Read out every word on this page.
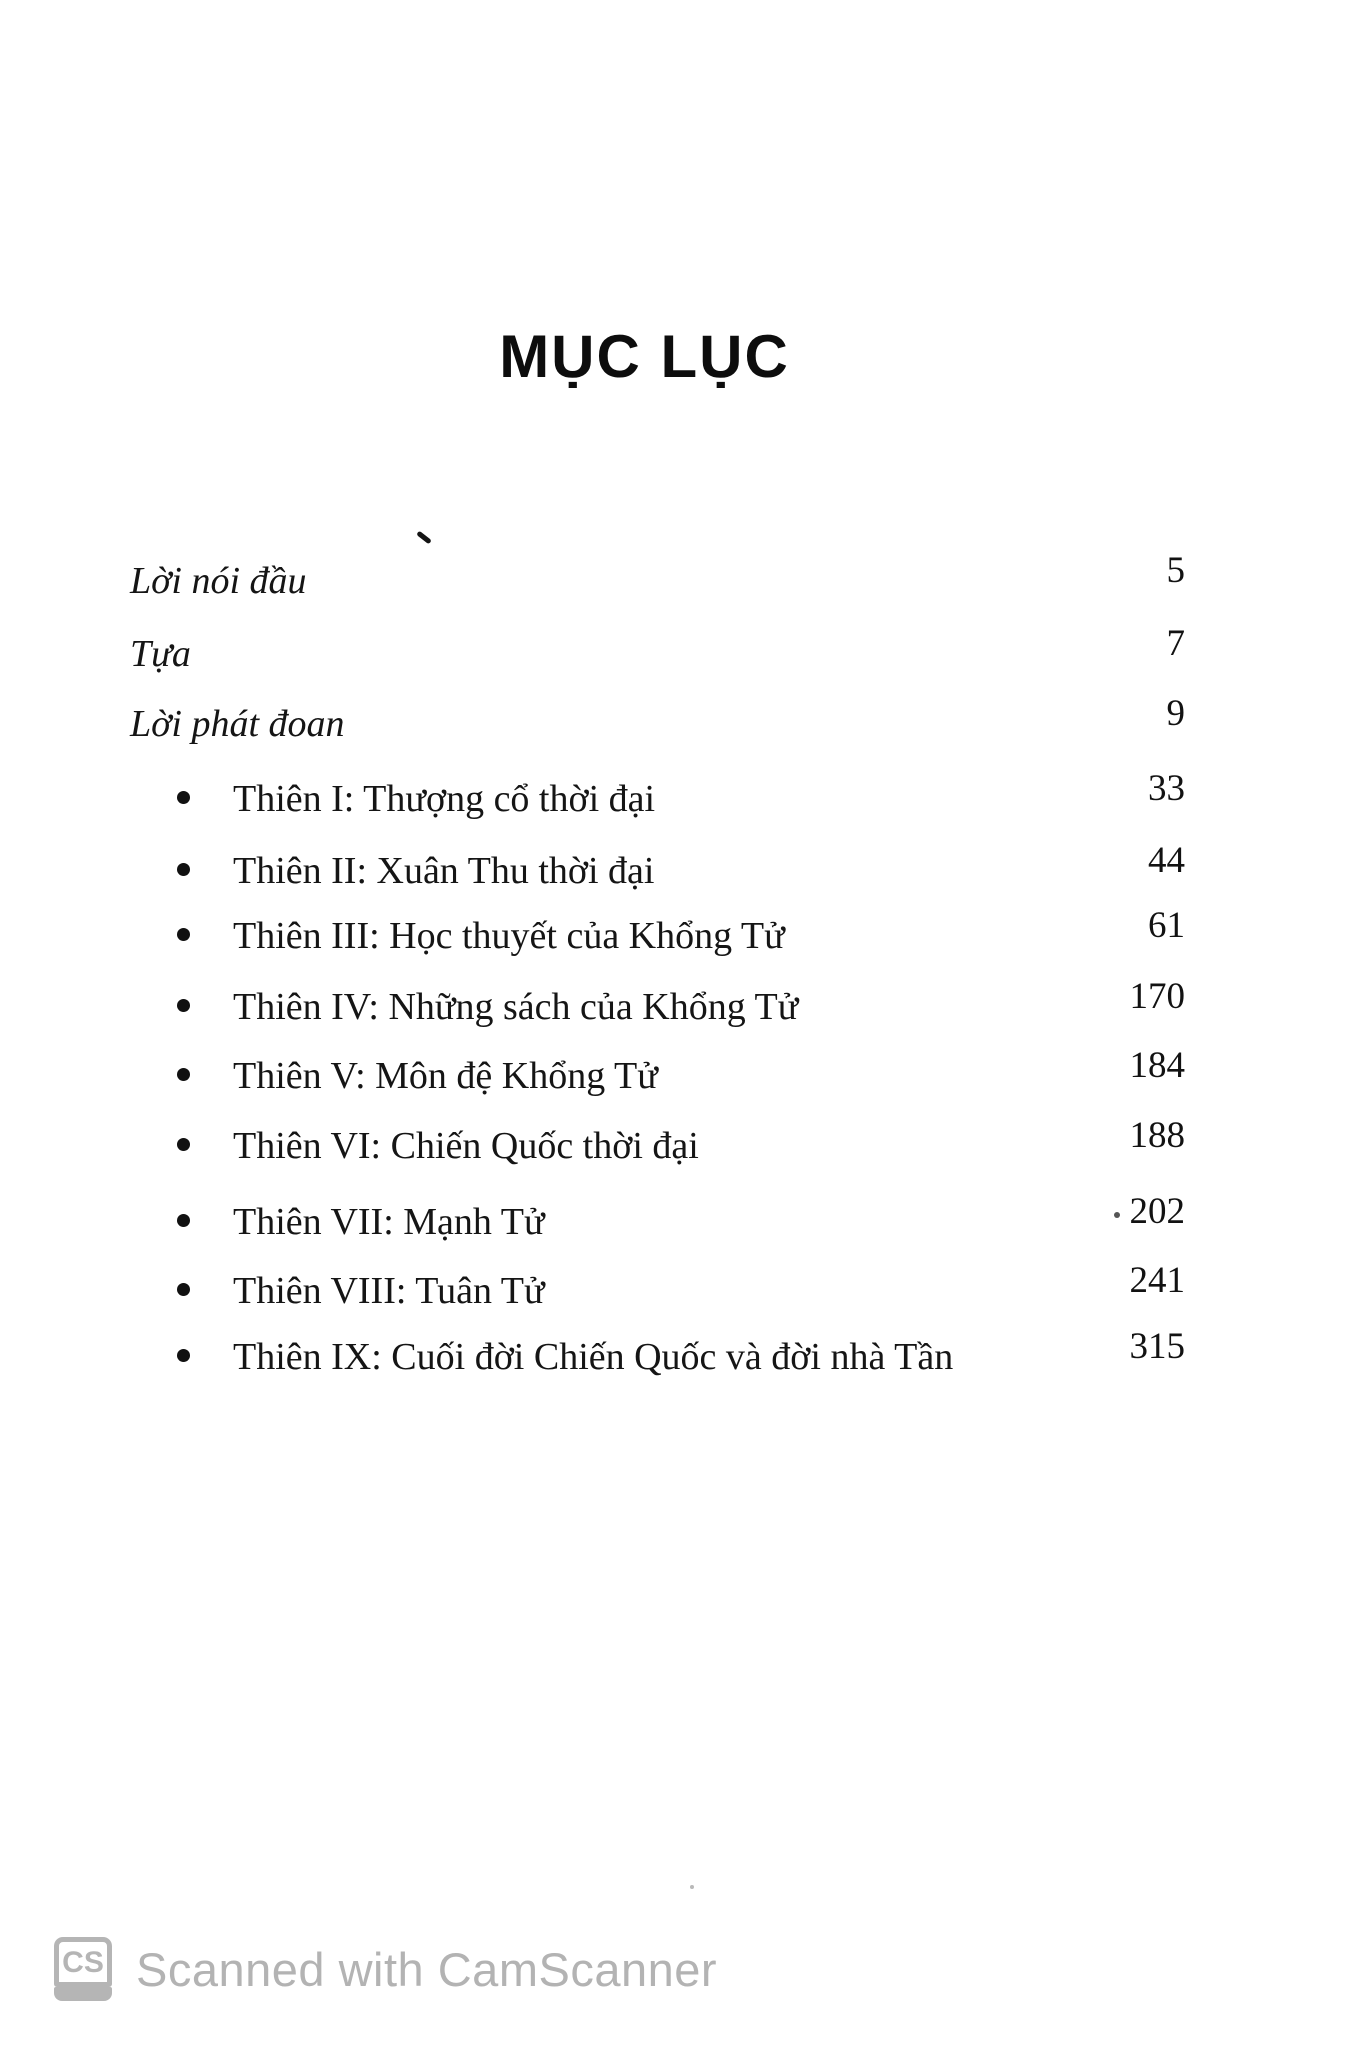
MỤC LỤC
Lời nói đầu	5
Tựa	7
Lời phát đoan	9
Thiên I: Thượng cổ thời đại	33
Thiên II: Xuân Thu thời đại	44
Thiên III: Học thuyết của Khổng Tử	61
Thiên IV: Những sách của Khổng Tử	170
Thiên V: Môn đệ Khổng Tử	184
Thiên VI: Chiến Quốc thời đại	188
Thiên VII: Mạnh Tử	202
Thiên VIII: Tuân Tử	241
Thiên IX: Cuối đời Chiến Quốc và đời nhà Tần	315
CS Scanned with CamScanner
